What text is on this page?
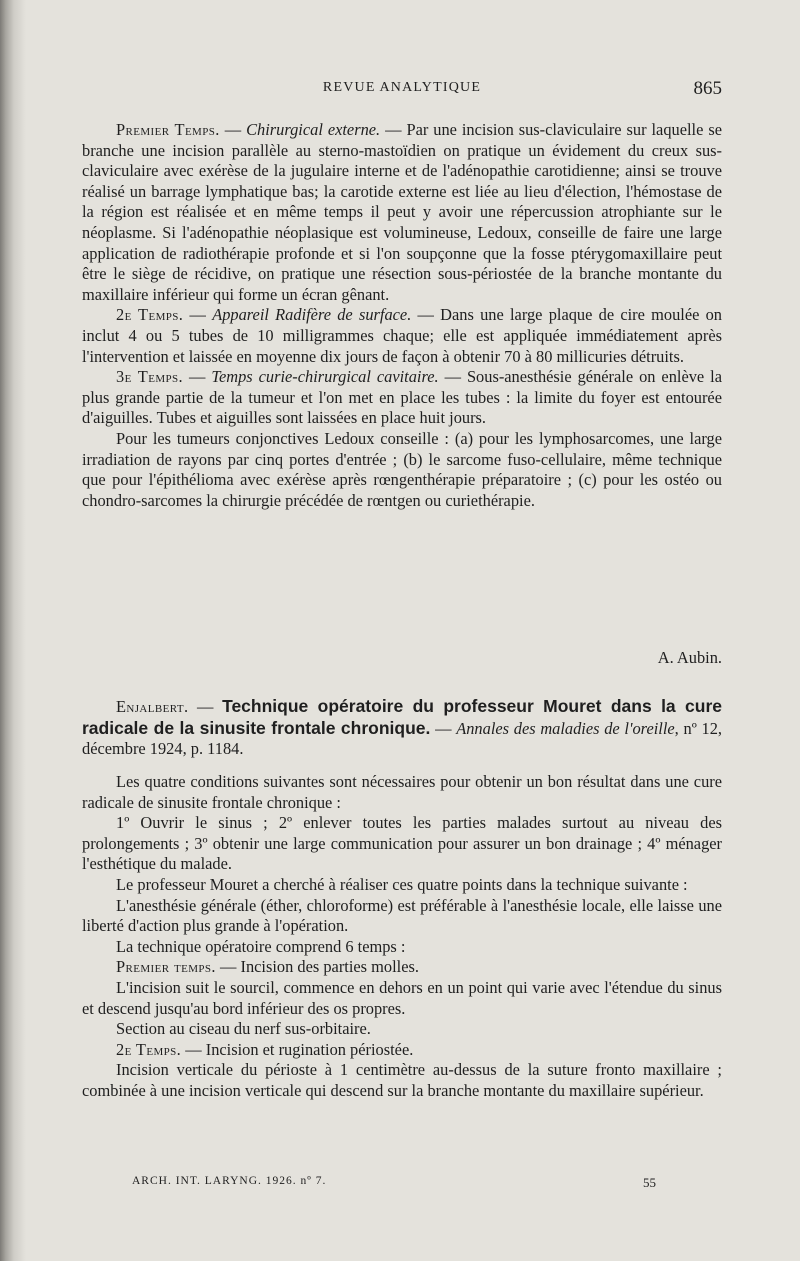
REVUE ANALYTIQUE	865

Premier Temps. — Chirurgical externe. — Par une incision sus-claviculaire sur laquelle se branche une incision parallèle au sterno-mastoïdien on pratique un évidement du creux sus-claviculaire avec exérèse de la jugulaire interne et de l'adénopathie carotidienne; ainsi se trouve réalisé un barrage lymphatique bas; la carotide externe est liée au lieu d'élection, l'hémostase de la région est réalisée et en même temps il peut y avoir une répercussion atrophiante sur le néoplasme. Si l'adénopathie néoplasique est volumineuse, Ledoux, conseille de faire une large application de radiothérapie profonde et si l'on soupçonne que la fosse ptérygomaxillaire peut être le siège de récidive, on pratique une résection sous-périostée de la branche montante du maxillaire inférieur qui forme un écran gênant.

2e Temps. — Appareil Radifère de surface. — Dans une large plaque de cire moulée on inclut 4 ou 5 tubes de 10 milligrammes chaque; elle est appliquée immédiatement après l'intervention et laissée en moyenne dix jours de façon à obtenir 70 à 80 millicuries détruits.

3e Temps. — Temps curie-chirurgical cavitaire. — Sous-anesthésie générale on enlève la plus grande partie de la tumeur et l'on met en place les tubes : la limite du foyer est entourée d'aiguilles. Tubes et aiguilles sont laissées en place huit jours.

Pour les tumeurs conjonctives Ledoux conseille : (a) pour les lymphosarcomes, une large irradiation de rayons par cinq portes d'entrée ; (b) le sarcome fuso-cellulaire, même technique que pour l'épithélioma avec exérèse après rœngenthérapie préparatoire ; (c) pour les ostéo ou chondro-sarcomes la chirurgie précédée de rœntgen ou curiethérapie.

A. Aubin.

Enjalbert. — Technique opératoire du professeur Mouret dans la cure radicale de la sinusite frontale chronique. — Annales des maladies de l'oreille, nº 12, décembre 1924, p. 1184.

Les quatre conditions suivantes sont nécessaires pour obtenir un bon résultat dans une cure radicale de sinusite frontale chronique :

1º Ouvrir le sinus ; 2º enlever toutes les parties malades surtout au niveau des prolongements ; 3º obtenir une large communication pour assurer un bon drainage ; 4º ménager l'esthétique du malade.

Le professeur Mouret a cherché à réaliser ces quatre points dans la technique suivante :

L'anesthésie générale (éther, chloroforme) est préférable à l'anesthésie locale, elle laisse une liberté d'action plus grande à l'opération.

La technique opératoire comprend 6 temps :

Premier temps. — Incision des parties molles.

L'incision suit le sourcil, commence en dehors en un point qui varie avec l'étendue du sinus et descend jusqu'au bord inférieur des os propres.

Section au ciseau du nerf sus-orbitaire.

2e Temps. — Incision et rugination périostée.

Incision verticale du périoste à 1 centimètre au-dessus de la suture fronto maxillaire ; combinée à une incision verticale qui descend sur la branche montante du maxillaire supérieur.

ARCH. INT. LARYNG. 1926. nº 7.	55
